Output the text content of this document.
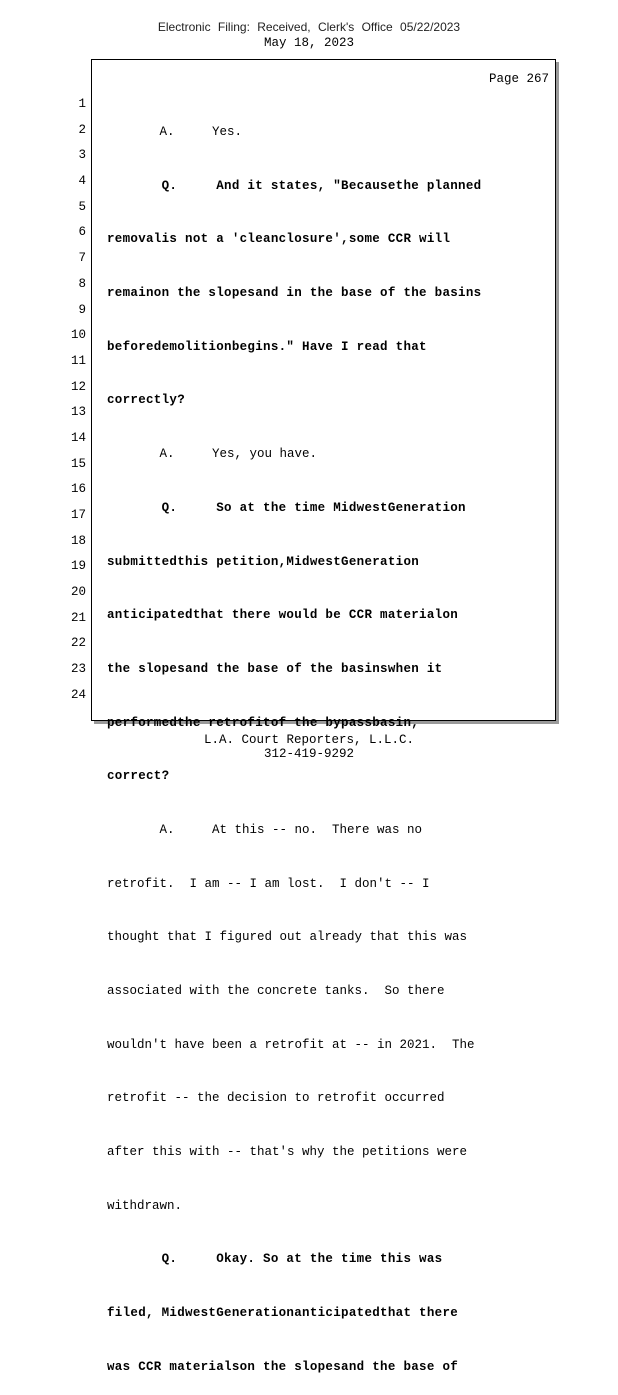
Electronic Filing: Received, Clerk's Office 05/22/2023
May 18, 2023
Page 267
1
2
3
4
5
6
7
8
9
10
11
12
13
14
15
16
17
18
19
20
21
22
23
24

A.     Yes.

Q.     And it states, "Becausethe planned

removalis not a 'cleanclosure',some CCR will

remainon the slopesand in the base of the basins

beforedemolitionbegins." Have I read that

correctly?

A.     Yes, you have.

Q.     So at the time MidwestGeneration

submittedthis petition,MidwestGeneration

anticipatedthat there would be CCR materialon

the slopesand the base of the basinswhen it

performedthe retrofitof the bypassbasin,

correct?

A.     At this -- no.  There was no

retrofit.  I am -- I am lost.  I don't -- I

thought that I figured out already that this was

associated with the concrete tanks.  So there

wouldn't have been a retrofit at -- in 2021.  The

retrofit -- the decision to retrofit occurred

after this with -- that's why the petitions were

withdrawn.

Q.     Okay. So at the time this was

filed, MidwestGenerationanticipatedthat there

was CCR materialson the slopesand the base of

L.A. Court Reporters, L.L.C.
312-419-9292
